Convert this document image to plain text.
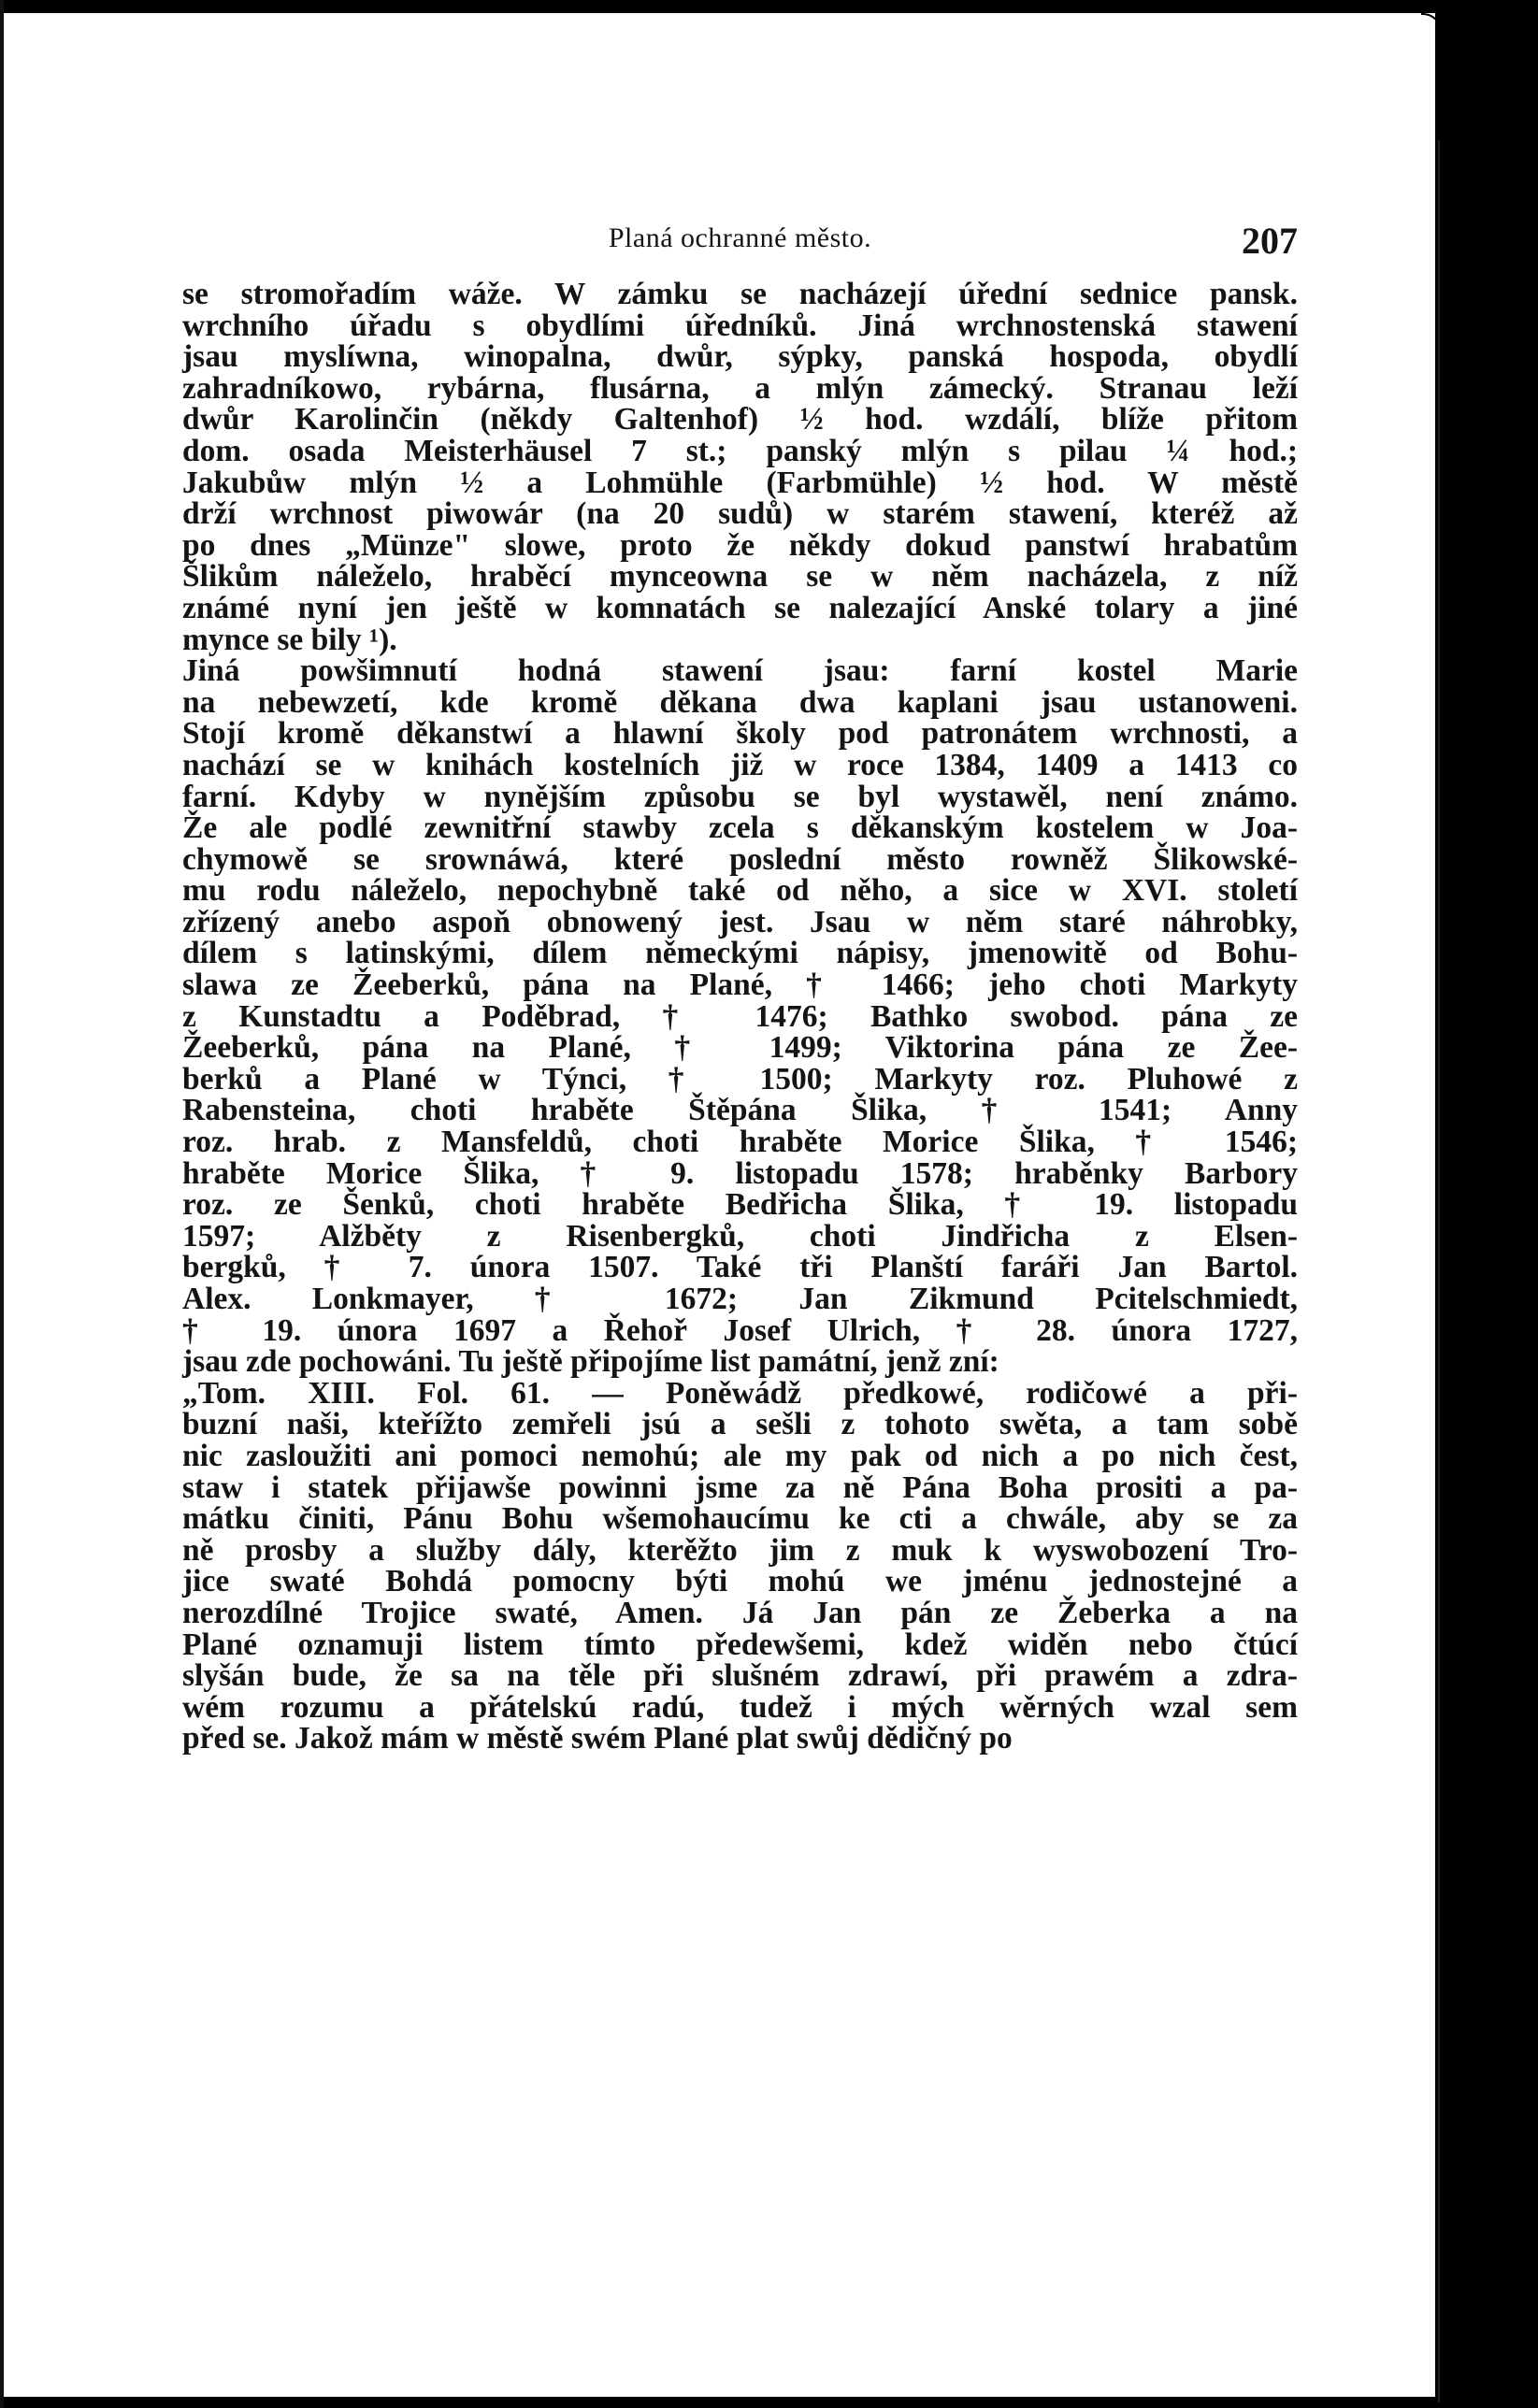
Planá ochranné město.	207
se stromořadím wáže. W zámku se nacházejí úřední sednice pansk.
wrchního úřadu s obydlími úředníků. Jiná wrchnostenská stawení
jsau myslíwna, winopalna, dwůr, sýpky, panská hospoda, obydlí
zahradníkowo, rybárna, flusárna, a mlýn zámecký. Stranau leží
dwůr Karolinčin (někdy Galtenhof) ½ hod. wzdálí, blíže přitom
dom. osada Meisterhäusel 7 st.; panský mlýn s pilau ¼ hod.;
Jakubůw mlýn ½ a Lohmühle (Farbmühle) ½ hod. W městě
drží wrchnost piwowár (na 20 sudů) w starém stawení, kteréž až
po dnes „Münze" slowe, proto že někdy dokud panstwí hrabatům
Šlikům náleželo, hraběcí mynceowna se w něm nacházela, z níž
známé nyní jen ještě w komnatách se nalezající Anské tolary a jiné
mynce se bily ¹).
Jiná powšimnutí hodná stawení jsau: farní kostel Marie
na nebewzetí, kde kromě děkana dwa kaplani jsau ustanoweni.
Stojí kromě děkanstwí a hlawní školy pod patronátem wrchnosti, a
nachází se w knihách kostelních již w roce 1384, 1409 a 1413 co
farní. Kdyby w nynějším způsobu se byl wystawěl, není známo.
Že ale podlé zewnitřní stawby zcela s děkanským kostelem w Joa-
chymowě se srownáwá, které poslední město rowněž Šlikowské-
mu rodu náleželo, nepochybně také od něho, a sice w XVI. století
zřízený anebo aspoň obnowený jest. Jsau w něm staré náhrobky,
dílem s latinskými, dílem německými nápisy, jmenowitě od Bohu-
slawa ze Žeeberků, pána na Plané, † 1466; jeho choti Markyty
z Kunstadtu a Poděbrad, † 1476; Bathko swobod. pána ze
Žeeberků, pána na Plané, † 1499; Viktorina pána ze Žee-
berků a Plané w Týnci, † 1500; Markyty roz. Pluhowé z
Rabensteina, choti hraběte Štěpána Šlika, † 1541; Anny
roz. hrab. z Mansfeldů, choti hraběte Morice Šlika, † 1546;
hraběte Morice Šlika, † 9. listopadu 1578; hraběnky Barbory
roz. ze Šenků, choti hraběte Bedřicha Šlika, † 19. listopadu
1597; Alžběty z Risenbergků, choti Jindřicha z Elsen-
bergků, † 7. února 1507. Také tři Planští faráři Jan Bartol.
Alex. Lonkmayer, † 1672; Jan Zikmund Pcitelschmiedt,
† 19. února 1697 a Řehoř Josef Ulrich, † 28. února 1727,
jsau zde pochowáni. Tu ještě připojíme list památní, jenž zní:
„Tom. XIII. Fol. 61. — Poněwádž předkowé, rodičowé a při-
buzní naši, kteřížto zemřeli jsú a sešli z tohoto swěta, a tam sobě
nic zasloužiti ani pomoci nemohú; ale my pak od nich a po nich čest,
staw i statek přijawše powinni jsme za ně Pána Boha prositi a pa-
mátku činiti, Pánu Bohu wšemohaucímu ke cti a chwále, aby se za
ně prosby a služby dály, kterěžto jim z muk k wyswobození Tro-
jice swaté Bohdá pomocny býti mohú we jménu jednostejné a
nerozdílné Trojice swaté, Amen. Já Jan pán ze Žeberka a na
Plané oznamuji listem tímto předewšemi, kdež widěn nebo čtúcí
slyšán bude, že sa na těle při slušném zdrawí, při prawém a zdra-
wém rozumu a přátelskú radú, tudež i mých wěrných wzal sem
před se. Jakož mám w městě swém Plané plat swůj dědičný po
